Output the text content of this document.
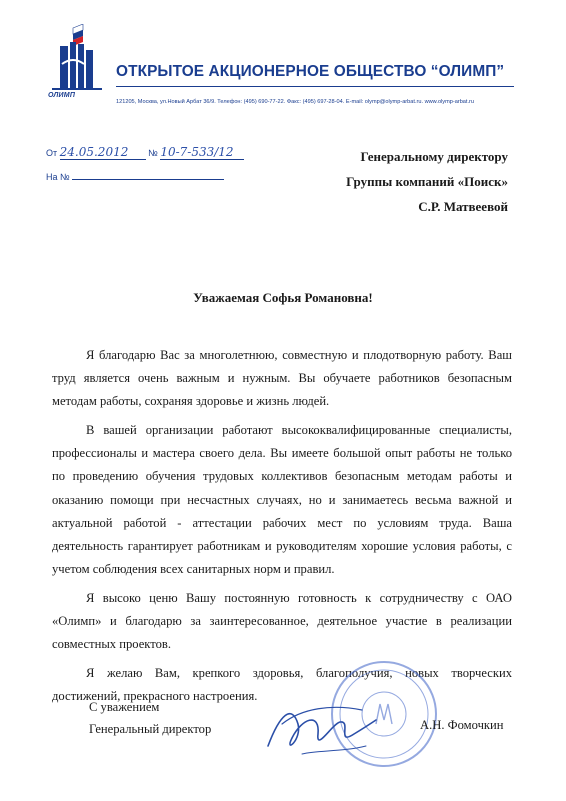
ОЛИМП
ОТКРЫТОЕ АКЦИОНЕРНОЕ ОБЩЕСТВО “ОЛИМП”
121205, Москва, ул.Новый Арбат 36/9. Телефон: (495) 690-77-22. Факс: (495) 697-28-04. E-mail: olymp@olymp-arbat.ru. www.olymp-arbat.ru
От 24.05.2012 № 10-7-533/12
На №
Генеральному директору
Группы компаний «Поиск»
С.Р. Матвеевой
Уважаемая Софья Романовна!

Я благодарю Вас за многолетнюю, совместную и плодотворную работу. Ваш труд является очень важным и нужным. Вы обучаете работников безопасным методам работы, сохраняя здоровье и жизнь людей.

В вашей организации работают высококвалифицированные специалисты, профессионалы и мастера своего дела. Вы имеете большой опыт работы не только по проведению обучения трудовых коллективов безопасным методам работы и оказанию помощи при несчастных случаях, но и занимаетесь весьма важной и актуальной работой - аттестации рабочих мест по условиям труда. Ваша деятельность гарантирует работникам и руководителям хорошие условия работы, с учетом соблюдения всех санитарных норм и правил.

Я высоко ценю Вашу постоянную готовность к сотрудничеству с ОАО «Олимп» и благодарю за заинтересованное, деятельное участие в реализации совместных проектов.

Я желаю Вам, крепкого здоровья, благополучия, новых творческих достижений, прекрасного настроения.

С уважением
Генеральный директор	А.Н. Фомочкин
